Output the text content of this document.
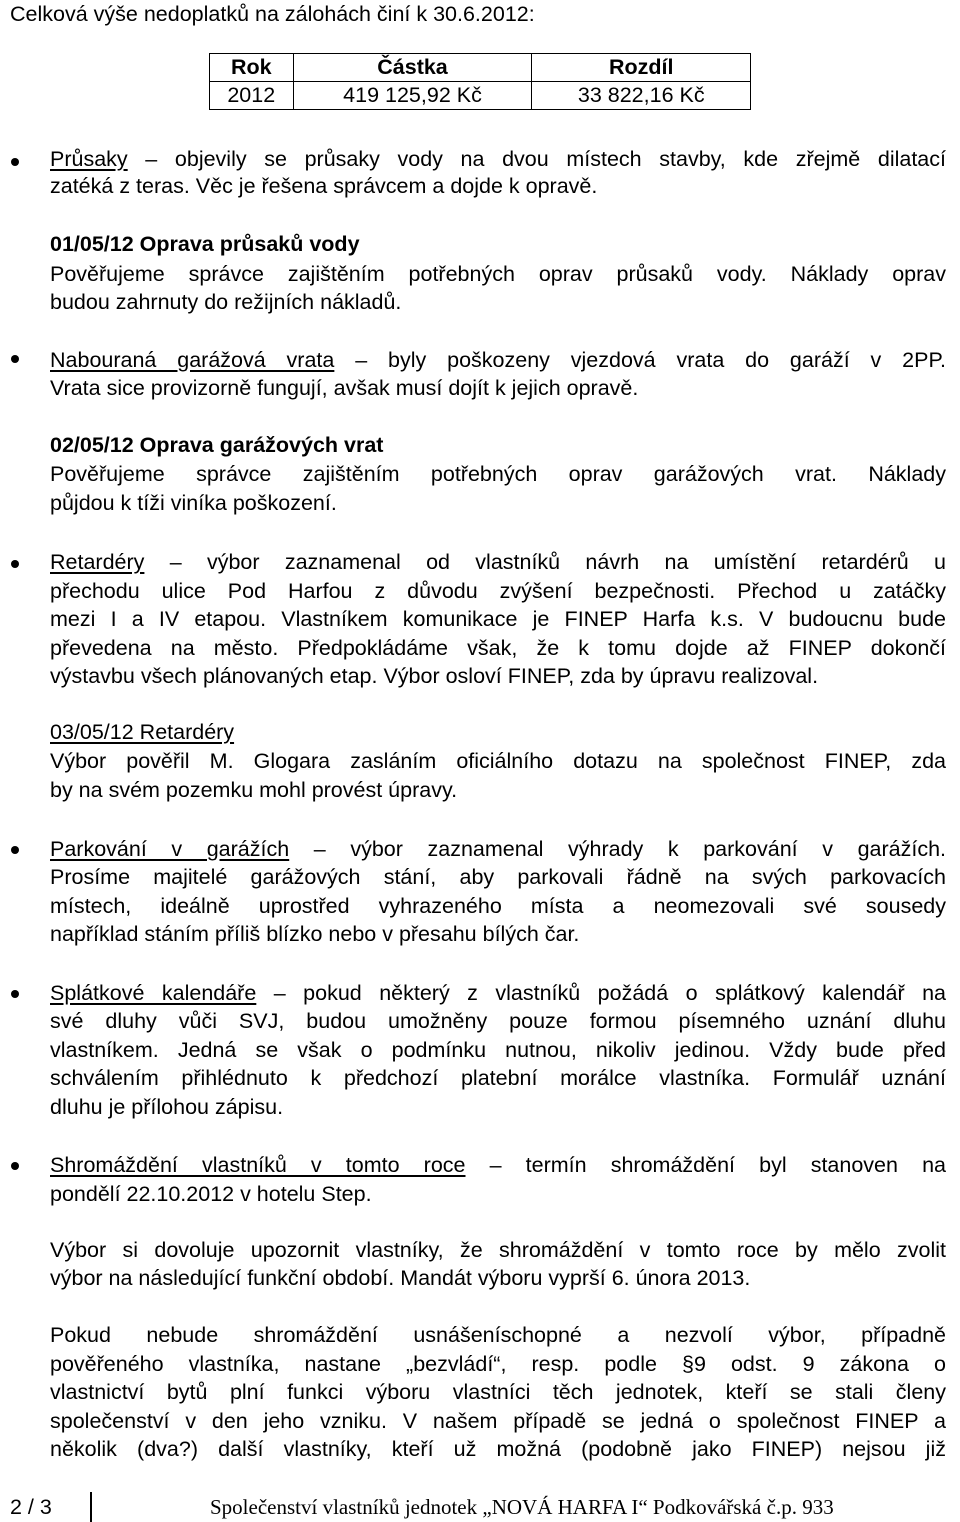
Celková výše nedoplatků na zálohách činí k 30.6.2012:
Rok	Částka	Rozdíl
2012	419 125,92 Kč	33 822,16 Kč
Průsaky – objevily se průsaky vody na dvou místech stavby, kde zřejmě dilatací
zatéká z teras. Věc je řešena správcem a dojde k opravě.
01/05/12 Oprava průsaků vody
Pověřujeme správce zajištěním potřebných oprav průsaků vody. Náklady oprav
budou zahrnuty do režijních nákladů.
Nabouraná garážová vrata – byly poškozeny vjezdová vrata do garáží v 2PP.
Vrata sice provizorně fungují, avšak musí dojít k jejich opravě.
02/05/12 Oprava garážových vrat
Pověřujeme správce zajištěním potřebných oprav garážových vrat. Náklady
půjdou k tíži viníka poškození.
Retardéry – výbor zaznamenal od vlastníků návrh na umístění retardérů u
přechodu ulice Pod Harfou z důvodu zvýšení bezpečnosti. Přechod u zatáčky
mezi I a IV etapou. Vlastníkem komunikace je FINEP Harfa k.s. V budoucnu bude
převedena na město. Předpokládáme však, že k tomu dojde až FINEP dokončí
výstavbu všech plánovaných etap. Výbor osloví FINEP, zda by úpravu realizoval.
03/05/12 Retardéry
Výbor pověřil M. Glogara zasláním oficiálního dotazu na společnost FINEP, zda
by na svém pozemku mohl provést úpravy.
Parkování v garážích – výbor zaznamenal výhrady k parkování v garážích.
Prosíme majitelé garážových stání, aby parkovali řádně na svých parkovacích
místech, ideálně uprostřed vyhrazeného místa a neomezovali své sousedy
například stáním příliš blízko nebo v přesahu bílých čar.
Splátkové kalendáře – pokud některý z vlastníků požádá o splátkový kalendář na
své dluhy vůči SVJ, budou umožněny pouze formou písemného uznání dluhu
vlastníkem. Jedná se však o podmínku nutnou, nikoliv jedinou. Vždy bude před
schválením přihlédnuto k předchozí platební morálce vlastníka. Formulář uznání
dluhu je přílohou zápisu.
Shromáždění vlastníků v tomto roce – termín shromáždění byl stanoven na
pondělí 22.10.2012 v hotelu Step.
Výbor si dovoluje upozornit vlastníky, že shromáždění v tomto roce by mělo zvolit
výbor na následující funkční období. Mandát výboru vyprší 6. února 2013.
Pokud nebude shromáždění usnášeníschopné a nezvolí výbor, případně
pověřeného vlastníka, nastane „bezvládí“, resp. podle §9 odst. 9 zákona o
vlastnictví bytů plní funkci výboru vlastníci těch jednotek, kteří se stali členy
společenství v den jeho vzniku. V našem případě se jedná o společnost FINEP a
několik (dva?) další vlastníky, kteří už možná (podobně jako FINEP) nejsou již
2 / 3	Společenství vlastníků jednotek „NOVÁ HARFA I“ Podkovářská č.p. 933
